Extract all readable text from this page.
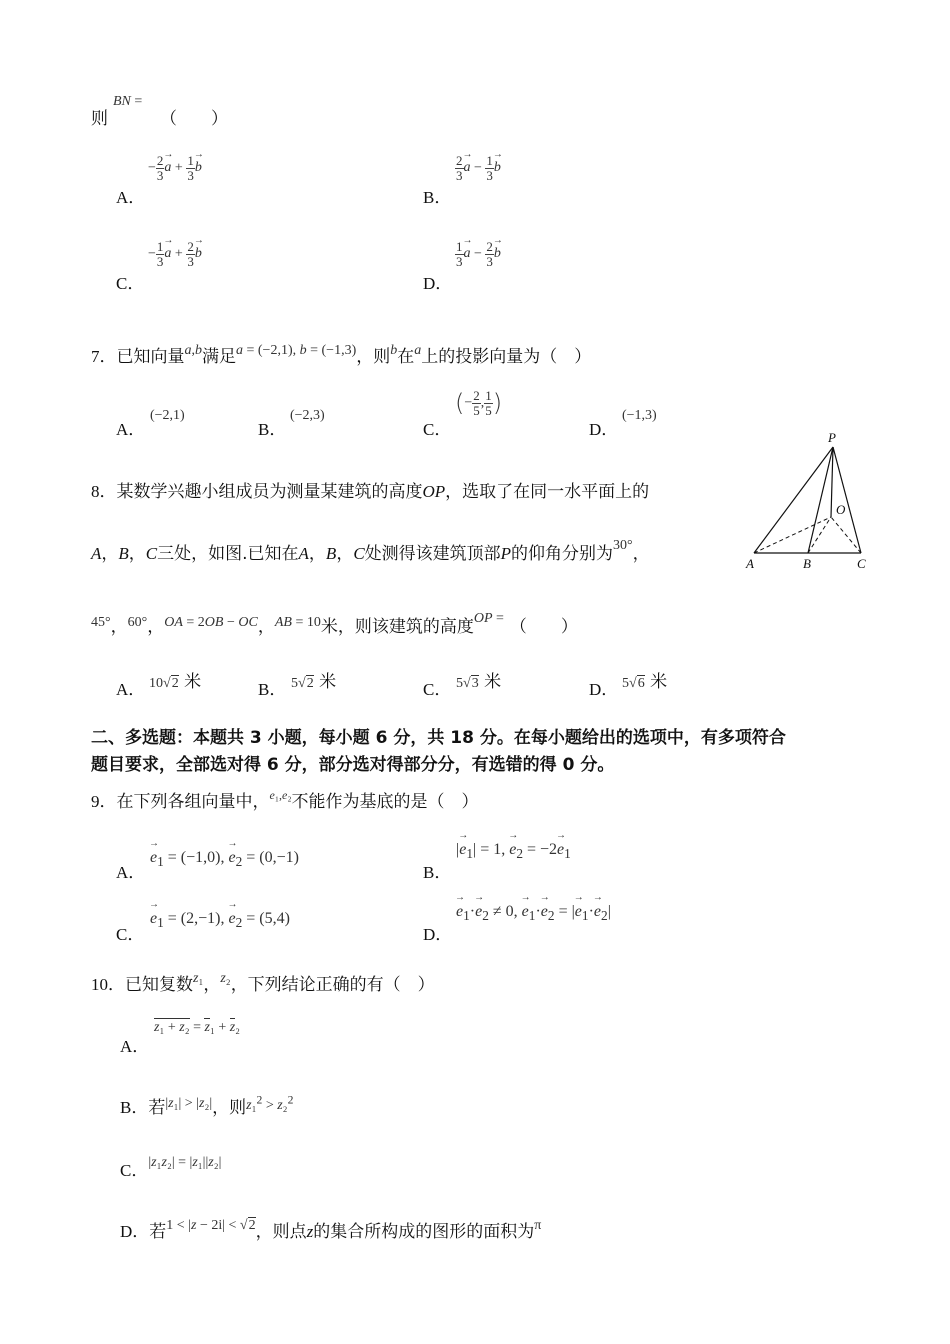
则
BN =
（　　）
A．
− $\frac{2}{3}$
→ $a + \frac{1}{3}$
→ b
B．
$\frac{2}{3}$
→ $a - \frac{1}{3}$
→ b
C．
− $\frac{1}{3}$
→ $a + \frac{2}{3}$
→ b
D．
$\frac{1}{3}$
→ $a - \frac{2}{3}$
→ b
7．已知向量$^{a,b}$满足$^{a = (-2,1), b = (-1,3)}$，则$^b$在$^a$上的投影向量为（　）
A．
(−2,1)
B．
(−2,3)
C．
(− $\frac{2}{5}$ , $\frac{1}{5}$ )
D．
(−1,3)
8．某数学兴趣小组成员为测量某建筑的高度OP，选取了在同一水平面上的
A，B，C三处，如图.已知在A，B，C处测得该建筑顶部P的仰角分别为$^{30^\circ}$，
$^{45^\circ}$，$^{60^\circ}$，$^{OA = 2OB - OC}$，$^{AB = 10}$米，则该建筑的高度$^{OP =}$ （　　）
P
O
A	B	C
A． 10√2 米	B． 5√2 米	C． 5√3 米	D． 5√6 米
二、多选题：本题共 3 小题，每小题 6 分，共 18 分。在每小题给出的选项中，有多项符合
题目要求，全部选对得 6 分，部分选对得部分分，有选错的得 0 分。
9．在下列各组向量中，$^{e_1,e_2}$不能作为基底的是（　）
A．
→ $e_1 = (-1,0)$, → $e_2 = (0,-1)$
B．
|→ $e_1| = 1$, → $e_2 = -2\to e_1$
C．
→ $e_1 = (2,-1)$, → $e_2 = (5,4)$
D．
→ $e_1\cdot\to e_2 \ne 0$, → $e_1\cdot\to e_2$ = |→ $e_1\cdot\to e_2|$
10．已知复数$^{z_1}$，$^{z_2}$，下列结论正确的有（　）
A．
z₁ + z₂ = z₁ + z₂
B．若$^{|z_1| > |z_2|}$，则$^{z_1^2 > z_2^2}$
C．$^{|z_1z_2| = |z_1||z_2|}$
D．若$^{1 < |z - 2i| < √2}$，则点z的集合所构成的图形的面积为$^\pi$
